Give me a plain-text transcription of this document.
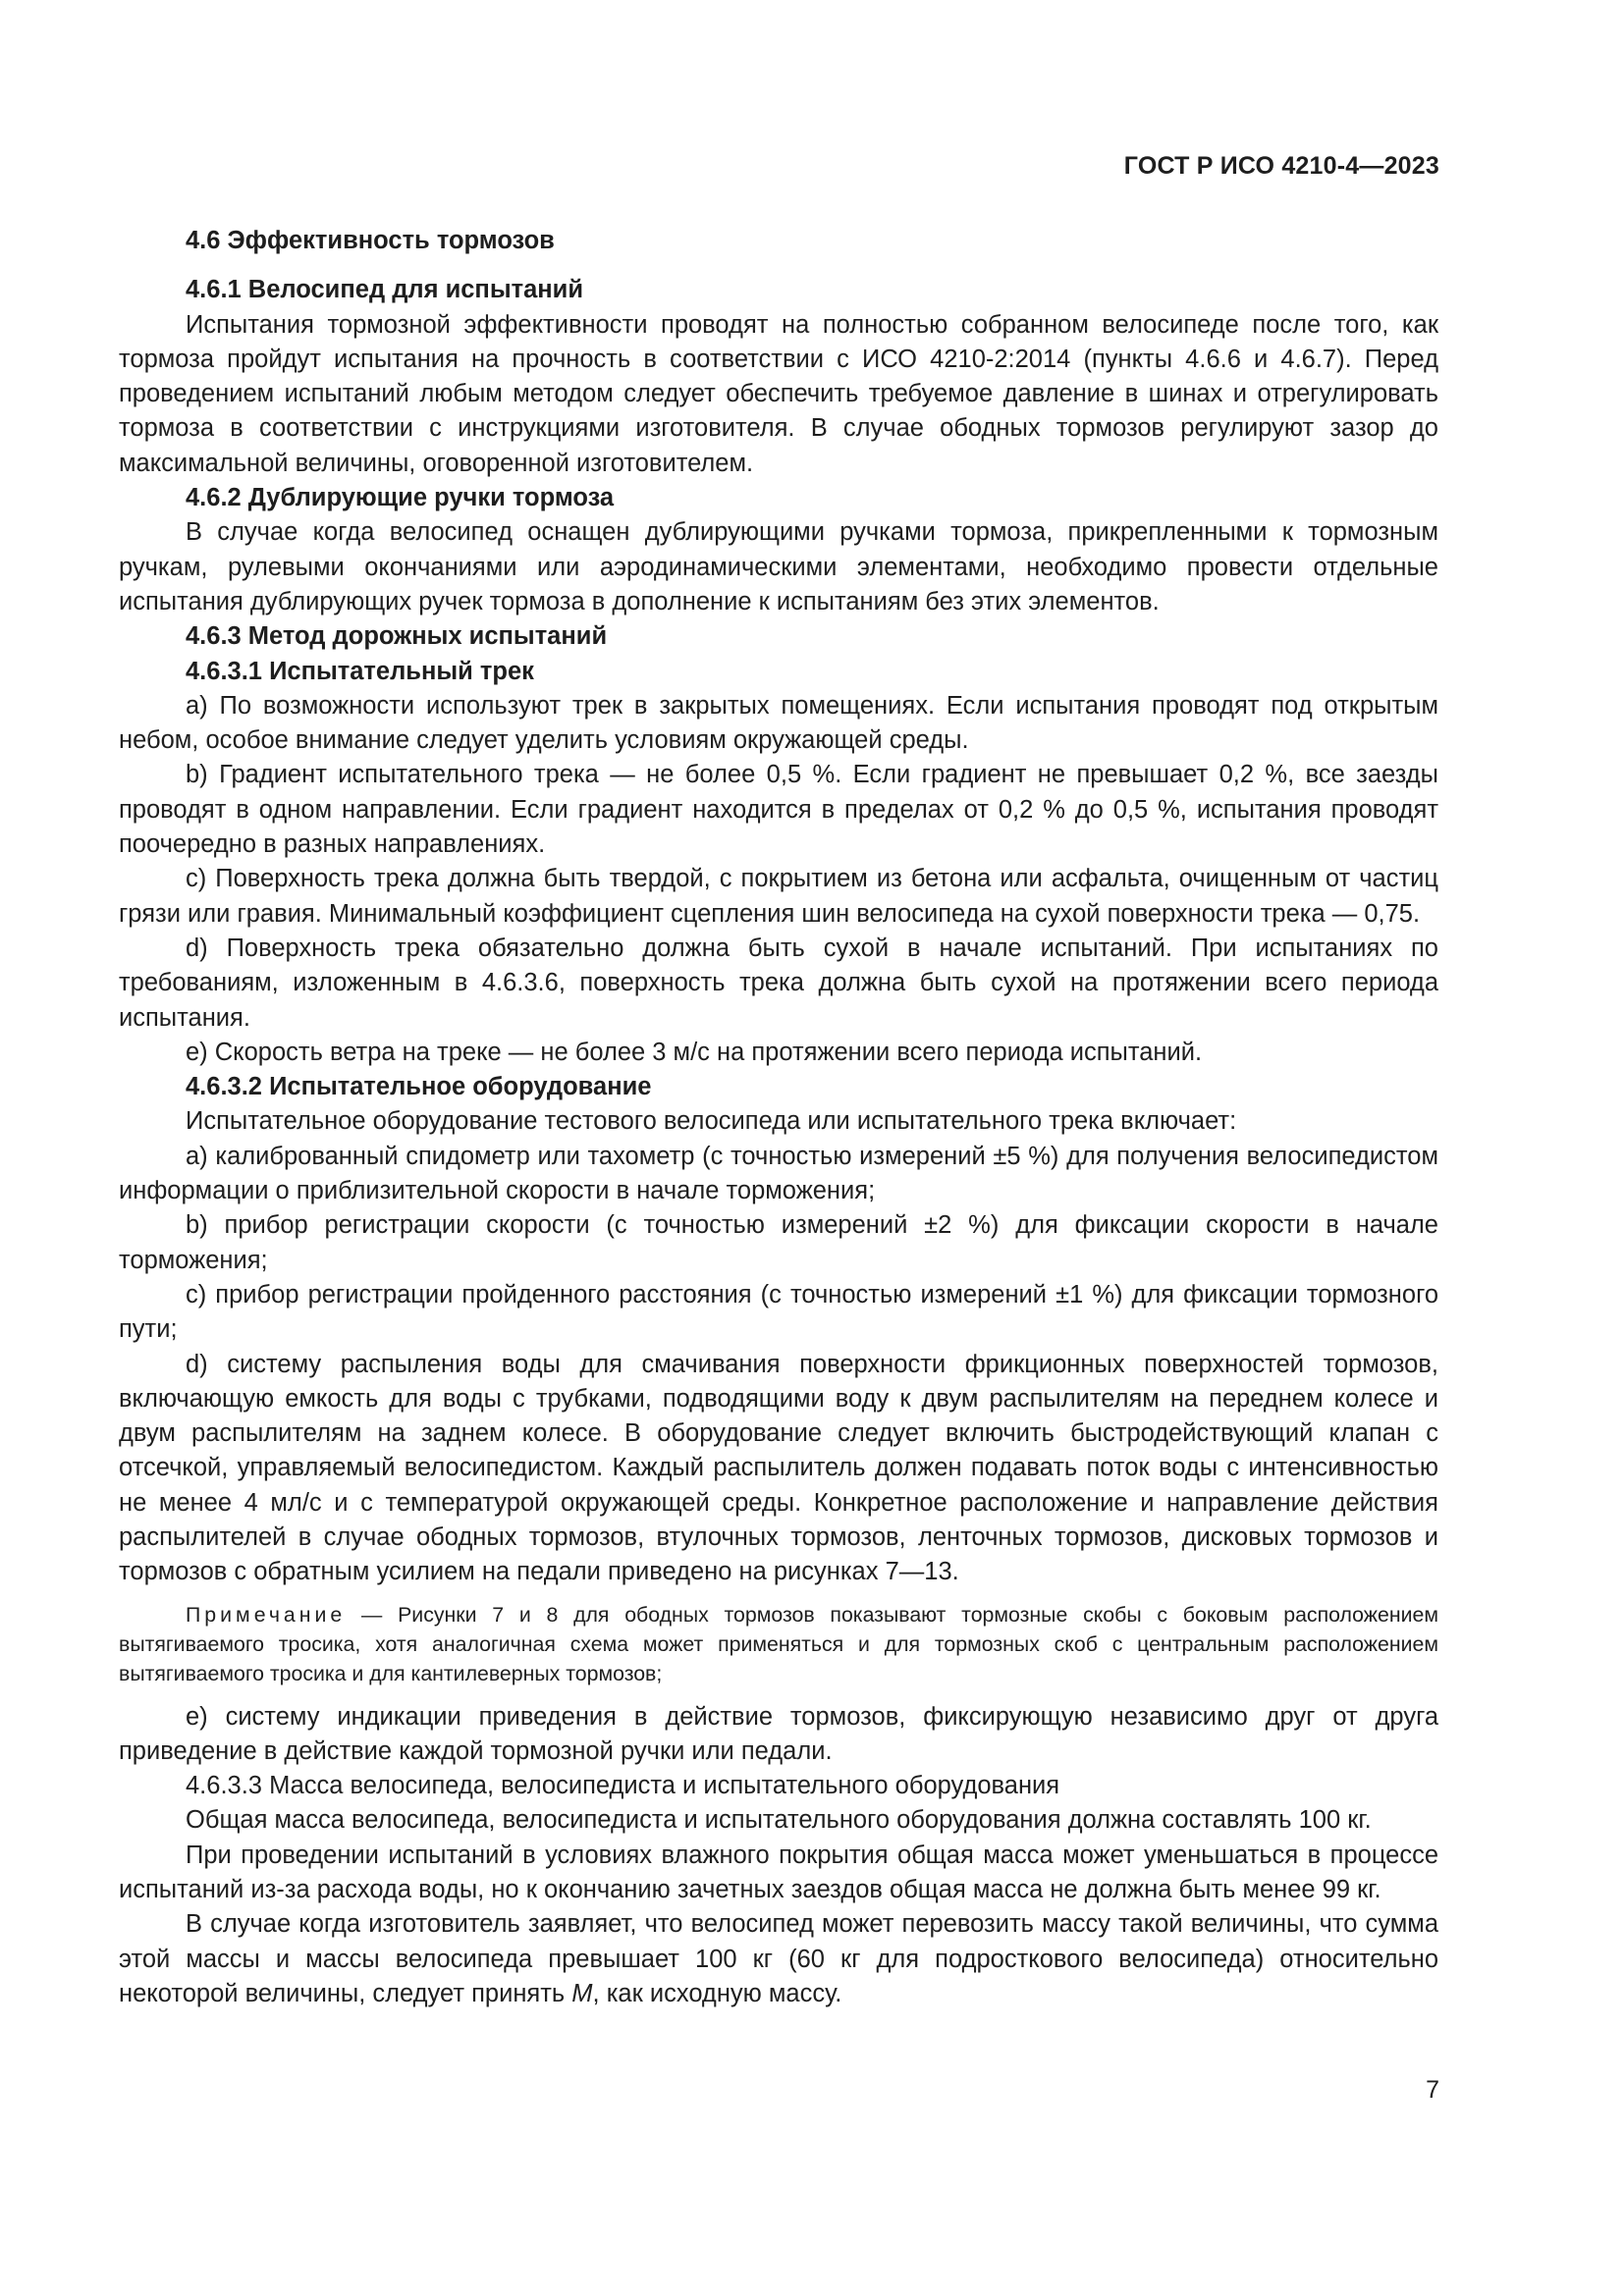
ГОСТ Р ИСО 4210-4—2023

4.6 Эффективность тормозов

4.6.1 Велосипед для испытаний

Испытания тормозной эффективности проводят на полностью собранном велосипеде после того, как тормоза пройдут испытания на прочность в соответствии с ИСО 4210-2:2014 (пункты 4.6.6 и 4.6.7). Перед проведением испытаний любым методом следует обеспечить требуемое давление в шинах и отрегулировать тормоза в соответствии с инструкциями изготовителя. В случае ободных тормозов регулируют зазор до максимальной величины, оговоренной изготовителем.

4.6.2 Дублирующие ручки тормоза

В случае когда велосипед оснащен дублирующими ручками тормоза, прикрепленными к тормозным ручкам, рулевыми окончаниями или аэродинамическими элементами, необходимо провести отдельные испытания дублирующих ручек тормоза в дополнение к испытаниям без этих элементов.

4.6.3 Метод дорожных испытаний

4.6.3.1 Испытательный трек

a) По возможности используют трек в закрытых помещениях. Если испытания проводят под открытым небом, особое внимание следует уделить условиям окружающей среды.

b) Градиент испытательного трека — не более 0,5 %. Если градиент не превышает 0,2 %, все заезды проводят в одном направлении. Если градиент находится в пределах от 0,2 % до 0,5 %, испытания проводят поочередно в разных направлениях.

c) Поверхность трека должна быть твердой, с покрытием из бетона или асфальта, очищенным от частиц грязи или гравия. Минимальный коэффициент сцепления шин велосипеда на сухой поверхности трека — 0,75.

d) Поверхность трека обязательно должна быть сухой в начале испытаний. При испытаниях по требованиям, изложенным в 4.6.3.6, поверхность трека должна быть сухой на протяжении всего периода испытания.

e) Скорость ветра на треке — не более 3 м/с на протяжении всего периода испытаний.

4.6.3.2 Испытательное оборудование

Испытательное оборудование тестового велосипеда или испытательного трека включает:

a) калиброванный спидометр или тахометр (с точностью измерений ±5 %) для получения велосипедистом информации о приблизительной скорости в начале торможения;

b) прибор регистрации скорости (с точностью измерений ±2 %) для фиксации скорости в начале торможения;

c) прибор регистрации пройденного расстояния (с точностью измерений ±1 %) для фиксации тормозного пути;

d) систему распыления воды для смачивания поверхности фрикционных поверхностей тормозов, включающую емкость для воды с трубками, подводящими воду к двум распылителям на переднем колесе и двум распылителям на заднем колесе. В оборудование следует включить быстродействующий клапан с отсечкой, управляемый велосипедистом. Каждый распылитель должен подавать поток воды с интенсивностью не менее 4 мл/с и с температурой окружающей среды. Конкретное расположение и направление действия распылителей в случае ободных тормозов, втулочных тормозов, ленточных тормозов, дисковых тормозов и тормозов с обратным усилием на педали приведено на рисунках 7—13.

Примечание — Рисунки 7 и 8 для ободных тормозов показывают тормозные скобы с боковым расположением вытягиваемого тросика, хотя аналогичная схема может применяться и для тормозных скоб с центральным расположением вытягиваемого тросика и для кантилеверных тормозов;

e) систему индикации приведения в действие тормозов, фиксирующую независимо друг от друга приведение в действие каждой тормозной ручки или педали.

4.6.3.3 Масса велосипеда, велосипедиста и испытательного оборудования

Общая масса велосипеда, велосипедиста и испытательного оборудования должна составлять 100 кг.

При проведении испытаний в условиях влажного покрытия общая масса может уменьшаться в процессе испытаний из-за расхода воды, но к окончанию зачетных заездов общая масса не должна быть менее 99 кг.

В случае когда изготовитель заявляет, что велосипед может перевозить массу такой величины, что сумма этой массы и массы велосипеда превышает 100 кг (60 кг для подросткового велосипеда) относительно некоторой величины, следует принять M, как исходную массу.

7
